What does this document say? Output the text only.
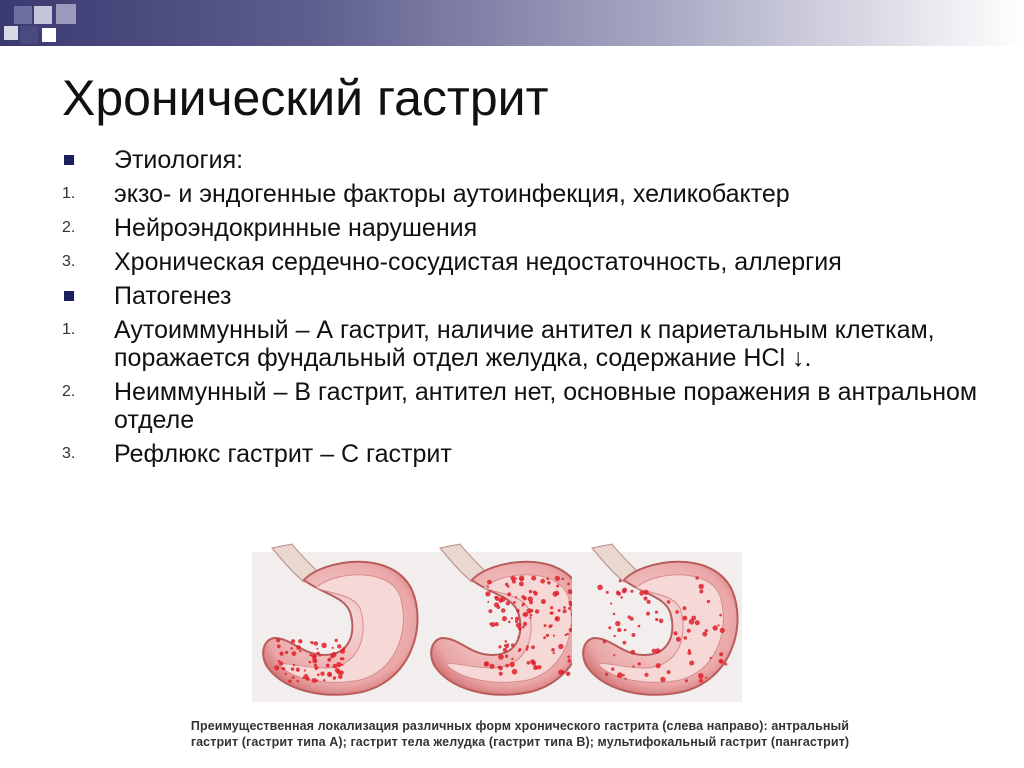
Хронический гастрит
Этиология:
1.	экзо- и эндогенные факторы аутоинфекция, хеликобактер
2.	Нейроэндокринные нарушения
3.	Хроническая сердечно-сосудистая недостаточность, аллергия
Патогенез
1.	Аутоиммунный – А гастрит, наличие антител к париетальным клеткам, поражается фундальный отдел желудка, содержание HCl ↓.
2.	Неиммунный – В гастрит, антител нет, основные поражения в антральном отделе
3.	Рефлюкс гастрит – С гастрит
Преимущественная локализация различных форм хронического гастрита (слева направо): антральный гастрит (гастрит типа А); гастрит тела желудка (гастрит типа В); мультифокальный гастрит (пангастрит)
